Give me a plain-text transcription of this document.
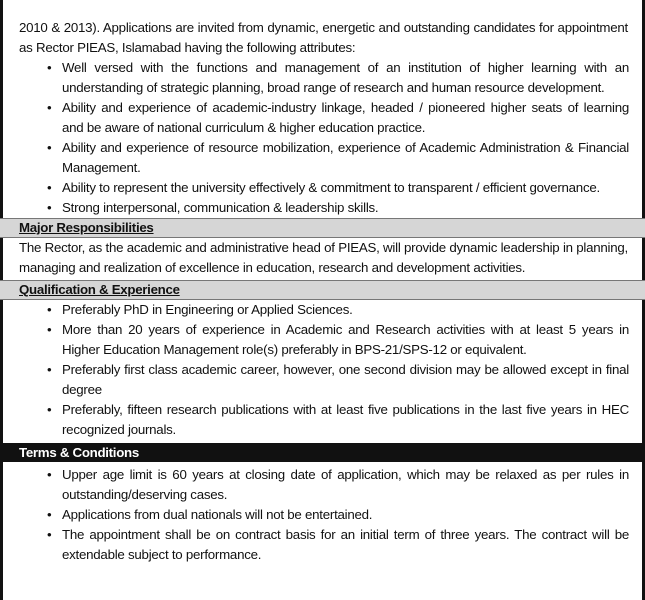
2010 & 2013). Applications are invited from dynamic, energetic and outstanding candidates for appointment as Rector PIEAS, Islamabad having the following attributes:

• Well versed with the functions and management of an institution of higher learning with an understanding of strategic planning, broad range of research and human resource development.
• Ability and experience of academic-industry linkage, headed / pioneered higher seats of learning and be aware of national curriculum & higher education practice.
• Ability and experience of resource mobilization, experience of Academic Administration & Financial Management.
• Ability to represent the university effectively & commitment to transparent / efficient governance.
• Strong interpersonal, communication & leadership skills.
Major Responsibilities

The Rector, as the academic and administrative head of PIEAS, will provide dynamic leadership in planning, managing and realization of excellence in education, research and development activities.

Qualification & Experience
• Preferably PhD in Engineering or Applied Sciences.
• More than 20 years of experience in Academic and Research activities with at least 5 years in Higher Education Management role(s) preferably in BPS-21/SPS-12 or equivalent.
• Preferably first class academic career, however, one second division may be allowed except in final degree
• Preferably, fifteen research publications with at least five publications in the last five years in HEC recognized journals.
Terms & Conditions
• Upper age limit is 60 years at closing date of application, which may be relaxed as per rules in outstanding/deserving cases.
• Applications from dual nationals will not be entertained.
• The appointment shall be on contract basis for an initial term of three years. The contract will be extendable subject to performance.
